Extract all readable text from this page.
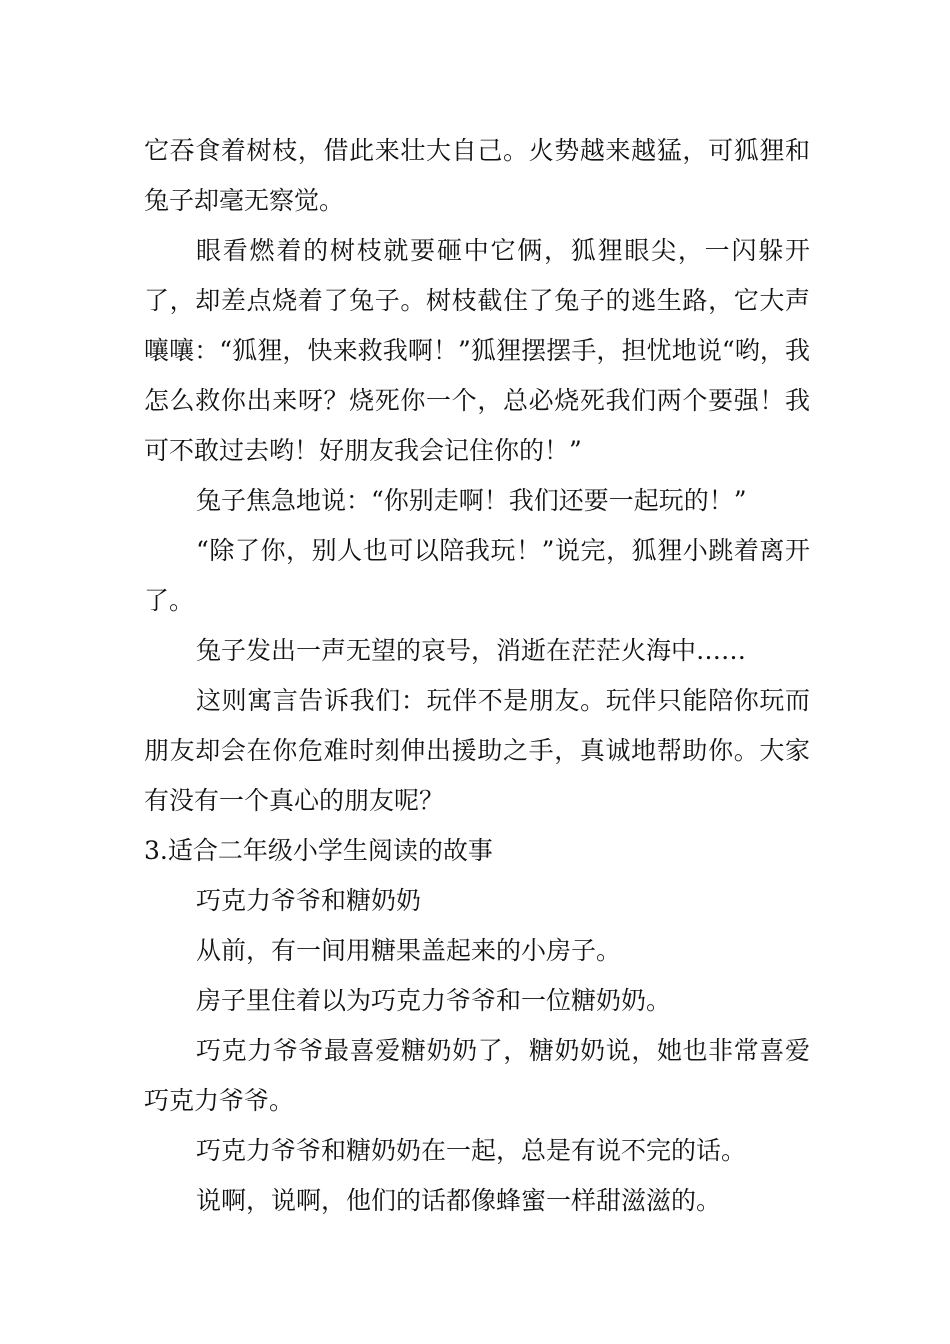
它吞食着树枝，借此来壮大自己。火势越来越猛，可狐狸和兔子却毫无察觉。

眼看燃着的树枝就要砸中它俩，狐狸眼尖，一闪躲开了，却差点烧着了兔子。树枝截住了兔子的逃生路，它大声嚷嚷：“狐狸，快来救我啊！”狐狸摆摆手，担忧地说“哟，我怎么救你出来呀？烧死你一个，总必烧死我们两个要强！我可不敢过去哟！好朋友我会记住你的！”

兔子焦急地说：“你别走啊！我们还要一起玩的！”

“除了你，别人也可以陪我玩！”说完，狐狸小跳着离开了。

兔子发出一声无望的哀号，消逝在茫茫火海中……

这则寓言告诉我们：玩伴不是朋友。玩伴只能陪你玩而朋友却会在你危难时刻伸出援助之手，真诚地帮助你。大家有没有一个真心的朋友呢？

3.适合二年级小学生阅读的故事

巧克力爷爷和糖奶奶

从前，有一间用糖果盖起来的小房子。

房子里住着以为巧克力爷爷和一位糖奶奶。

巧克力爷爷最喜爱糖奶奶了，糖奶奶说，她也非常喜爱巧克力爷爷。

巧克力爷爷和糖奶奶在一起，总是有说不完的话。

说啊，说啊，他们的话都像蜂蜜一样甜滋滋的。
